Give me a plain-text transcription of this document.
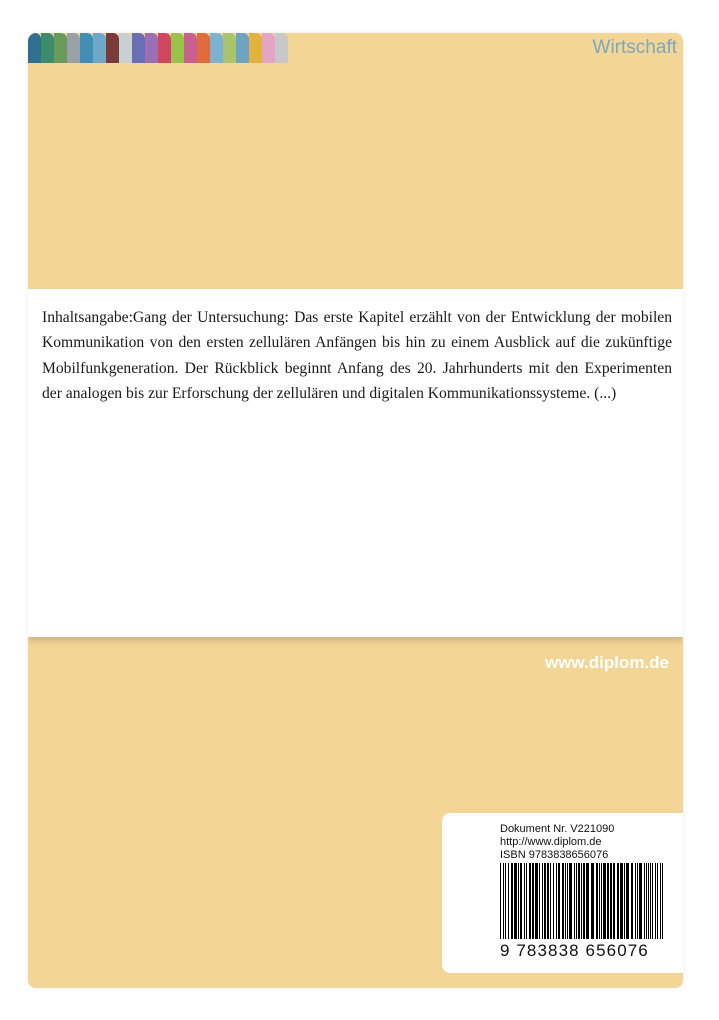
Wirtschaft
Inhaltsangabe:Gang der Untersuchung: Das erste Kapitel erzählt von der Entwicklung der mobilen Kommunikation von den ersten zellulären Anfängen bis hin zu einem Ausblick auf die zukünftige Mobilfunkgeneration. Der Rückblick beginnt Anfang des 20. Jahrhunderts mit den Experimenten der analogen bis zur Erforschung der zellulären und digitalen Kommunikationssysteme. (...)
www.diplom.de
Dokument Nr. V221090
http://www.diplom.de
ISBN 9783838656076
9 783838 656076
